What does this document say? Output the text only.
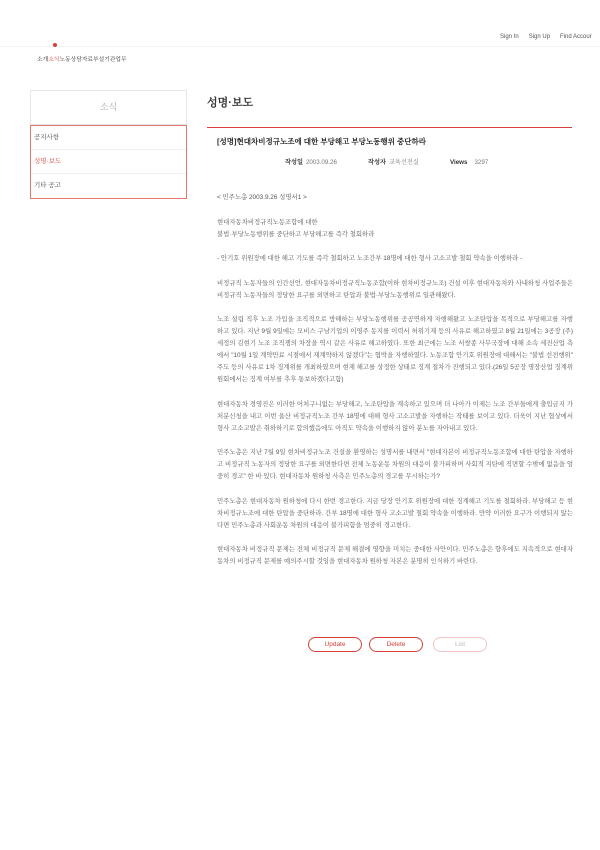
Sign In Sign Up Find Accour
소개 소식 노동상담 자료 부설기관 업무
소식
공지사항
성명·보도
기타 공고
성명·보도
[성명]현대차비정규노조에 대한 부당해고 부당노동행위 중단하라
작성일 2003.09.26	작성자 교육선전실	Views 3297
< 민주노총 2003.9.26 성명서1 >
현대자동차비정규직노동조합에 대한
불법·부당노동행위를 중단하고 부당해고를 즉각 철회하라
- 안기호 위원장에 대한 해고 기도를 즉각 철회하고 노조간부 18명에 대한 형사 고소고발 철회 약속을 이행하라 -

비정규직 노동자들의 인간선언, 현대자동차비정규직노동조합(이하 현차비정규노조) 건설 이후 현대자동차와 사내하청 사업주들은 비정규직 노동자들의 정당한 요구를 외면하고 탄압과 불법·부당노동행위로 일관해왔다.

노조 설립 직후 노조 가입을 조직적으로 방해하는 부당노동행위를 공공연하게 자행해왔고 노조탄압을 목적으로 부당해고를 자행하고 있다. 지난 9월 9일에는 모비스 구남기업의 이영주 동지를 이력서 허위기재 등의 사유로 해고하였고 8월 21일에는 3공장 (주)세정의 김현기 노조 조직쟁의 차장을 역시 같은 사유로 해고하였다. 또한 최근에는 노조 서쌍종 사무국장에 대해 소속 세진산업 측에서 "10월 1일 계약만료 시점에서 재계약하지 않겠다"는 협박을 자행하였다. 노동조합 안기호 위원장에 대해서는 "불법 선전행위" 주도 등의 사유로 1차 징계위를 개최하였으며 현재 해고를 상정한 상태로 징계 절차가 진행되고 있다.(26일 5공장 명장산업 징계위원회에서는 징계 여부를 추후 통보하겠다고함)

현대자동차 경영진은 이러한 어처구니없는 부당해고, 노조탄압을 계속하고 있으며 더 나아가 이제는 노조 간부들에게 출입금지 가처분신청을 내고 이번 울산 비정규직노조 간부 18명에 대해 형사 고소고발을 자행하는 작태를 보이고 있다. 더욱이 지난 협상에서 형사 고소고발은 취하하기로 합의했음에도 아직도 약속을 이행하지 않아 분노를 자아내고 있다.

민주노총은 지난 7월 9일 현차비정규노조 건설을 환영하는 성명서를 내면서 "현대자본이 비정규직노동조합에 대한 탄압을 자행하고 비정규직 노동자의 정당한 요구를 외면한다면 전체 노동운동 차원의 대응이 불가피하며 사회적 지탄에 직면할 수밖에 없음을 엄중히 경고" 한 바 있다. 현대자동차 원하청 사측은 민주노총의 경고를 무시하는가?

민주노총은 현대자동차 원하청에 다시 한번 경고한다. 지금 당장 안기호 위원장에 대한 징계해고 기도를 철회하라. 부당해고 등 현차비정규노조에 대한 탄압을 중단하라. 간부 18명에 대한 형사 고소고발 철회 약속을 이행하라. 만약 이러한 요구가 이행되지 않는다면 민주노총과 사회운동 차원의 대응이 불가피함을 엄중히 경고한다.

현대자동차 비정규직 문제는 전체 비정규직 문제 해결에 영향을 미치는 중대한 사안이다. 민주노총은 향후에도 지속적으로 현대자동차의 비정규직 문제를 예의주시할 것임을 현대자동차 원하청 자본은 분명히 인식하기 바란다.

Update	Delete	List
